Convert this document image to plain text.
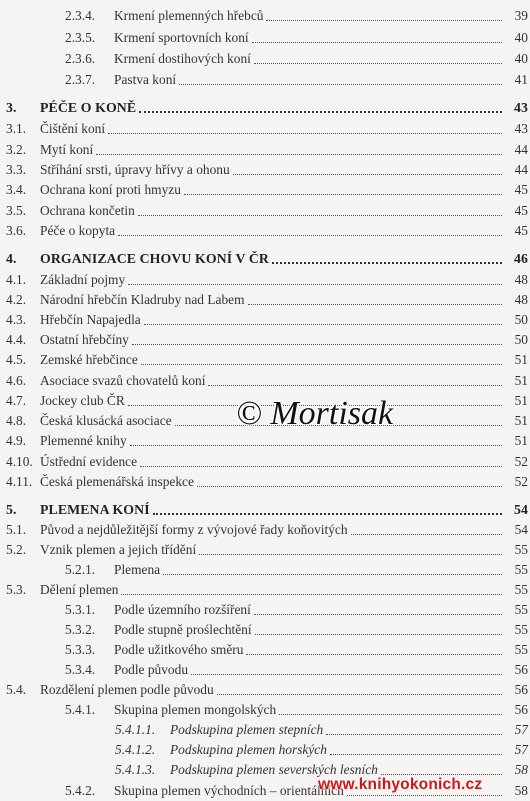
2.3.4. Krmení plemenných hřebců	39
2.3.5. Krmení sportovních koní	40
2.3.6. Krmení dostihových koní	40
2.3.7. Pastva koní	41
3. PÉČE O KONĚ	43
3.1. Čištění koní	43
3.2. Mytí koní	44
3.3. Stříhání srsti, úpravy hřívy a ohonu	44
3.4. Ochrana koní proti hmyzu	45
3.5. Ochrana končetin	45
3.6. Péče o kopyta	45
4. ORGANIZACE CHOVU KONÍ V ČR	46
4.1. Základní pojmy	48
4.2. Národní hřebčín Kladruby nad Labem	48
4.3. Hřebčín Napajedla	50
4.4. Ostatní hřebčíny	50
4.5. Zemské hřebčince	51
4.6. Asociace svazů chovatelů koní	51
4.7. Jockey club ČR	51
4.8. Česká klusácká asociace	51
4.9. Plemenné knihy	51
4.10. Ústřední evidence	52
4.11. Česká plemenářská inspekce	52
5. PLEMENA KONÍ	54
5.1. Původ a nejdůležitější formy z vývojové řady koňovitých	54
5.2. Vznik plemen a jejich třídění	55
5.2.1. Plemena	55
5.3. Dělení plemen	55
5.3.1. Podle územního rozšíření	55
5.3.2. Podle stupně proślechtění	55
5.3.3. Podle užitkového směru	55
5.3.4. Podle původu	56
5.4. Rozdělení plemen podle původu	56
5.4.1. Skupina plemen mongolských	56
5.4.1.1. Podskupina plemen stepních	57
5.4.1.2. Podskupina plemen horských	57
5.4.1.3. Podskupina plemen severských lesních	58
5.4.2. Skupina plemen východních – orientálních	58
© Mortisak
www.knihyokonich.cz
